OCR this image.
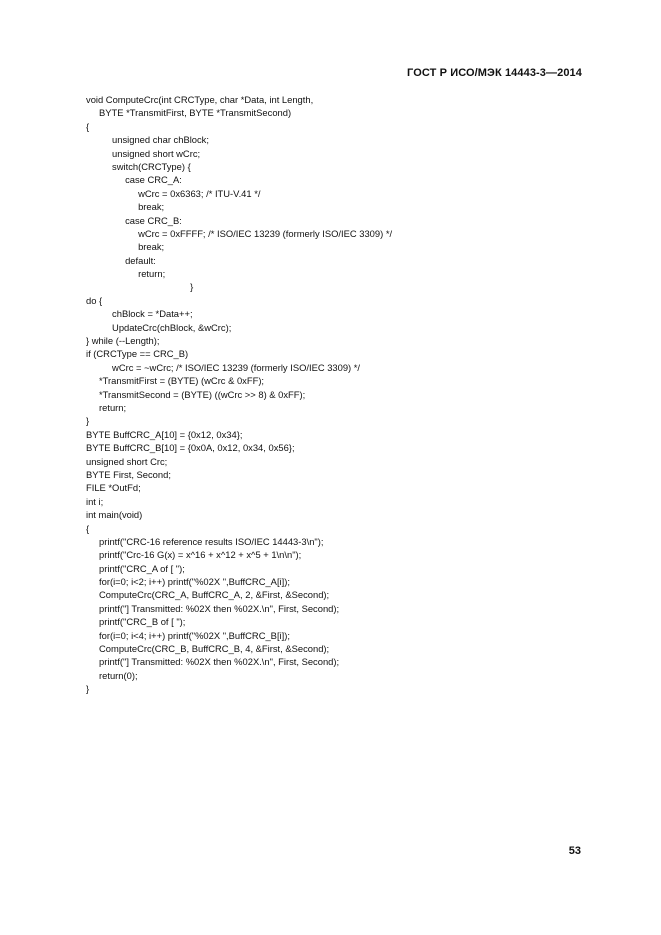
ГОСТ Р ИСО/МЭК 14443-3—2014
void ComputeCrc(int CRCType, char *Data, int Length,
BYTE *TransmitFirst, BYTE *TransmitSecond)
{
unsigned char chBlock;
unsigned short wCrc;
switch(CRCType) {
case CRC_A:
wCrc = 0x6363; /* ITU-V.41 */
break;
case CRC_B:
wCrc = 0xFFFF; /* ISO/IEC 13239 (formerly ISO/IEC 3309) */
break;
default:
return;
}
do {
chBlock = *Data++;
UpdateCrc(chBlock, &wCrc);
} while (--Length);
if (CRCType == CRC_B)
wCrc = ~wCrc; /* ISO/IEC 13239 (formerly ISO/IEC 3309) */
*TransmitFirst = (BYTE) (wCrc & 0xFF);
*TransmitSecond = (BYTE) ((wCrc >> 8) & 0xFF);
return;
}
BYTE BuffCRC_A[10] = {0x12, 0x34};
BYTE BuffCRC_B[10] = {0x0A, 0x12, 0x34, 0x56};
unsigned short Crc;
BYTE First, Second;
FILE *OutFd;
int i;
int main(void)
{
printf("CRC-16 reference results ISO/IEC 14443-3\n");
printf("Crc-16 G(x) = x^16 + x^12 + x^5 + 1\n\n");
printf("CRC_A of [ ");
for(i=0; i<2; i++) printf("%02X ",BuffCRC_A[i]);
ComputeCrc(CRC_A, BuffCRC_A, 2, &First, &Second);
printf("] Transmitted: %02X then %02X.\n", First, Second);
printf("CRC_B of [ ");
for(i=0; i<4; i++) printf("%02X ",BuffCRC_B[i]);
ComputeCrc(CRC_B, BuffCRC_B, 4, &First, &Second);
printf("] Transmitted: %02X then %02X.\n", First, Second);
return(0);
}
53
